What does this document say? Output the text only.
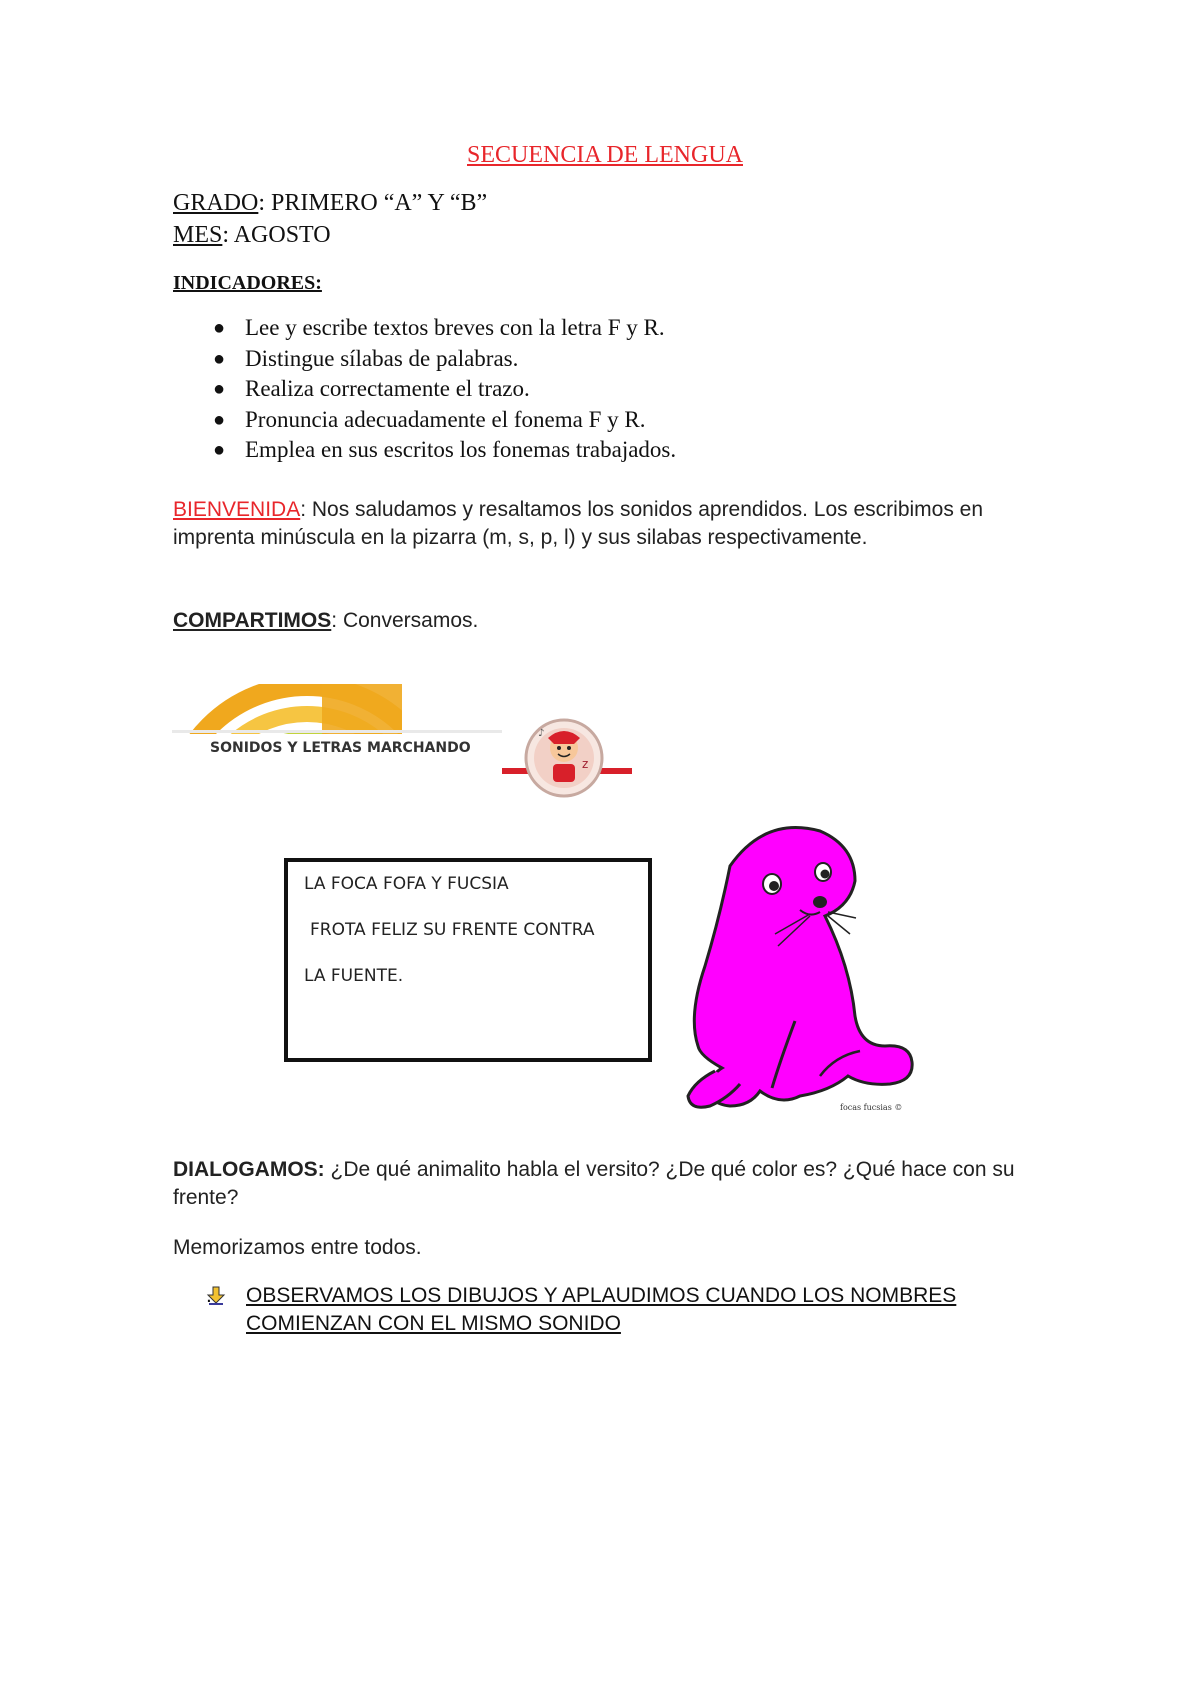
SECUENCIA DE LENGUA
GRADO: PRIMERO “A” Y “B”
MES: AGOSTO
INDICADORES:
● Lee y escribe textos breves con la letra F y R.
● Distingue sílabas de palabras.
● Realiza correctamente el trazo.
● Pronuncia adecuadamente el fonema F y R.
● Emplea en sus escritos los fonemas trabajados.
BIENVENIDA: Nos saludamos y resaltamos los sonidos aprendidos. Los escribimos en imprenta minúscula en la pizarra (m, s, p, l) y sus silabas respectivamente.
COMPARTIMOS: Conversamos.
SONIDOS Y LETRAS MARCHANDO
z
♪
LA FOCA FOFA Y FUCSIA
FROTA FELIZ SU FRENTE CONTRA
LA FUENTE.
focas fucsias ©
DIALOGAMOS: ¿De qué animalito habla el versito? ¿De qué color es? ¿Qué hace con su frente?
Memorizamos entre todos.
OBSERVAMOS LOS DIBUJOS Y APLAUDIMOS CUANDO LOS NOMBRES COMIENZAN CON EL MISMO SONIDO
.
